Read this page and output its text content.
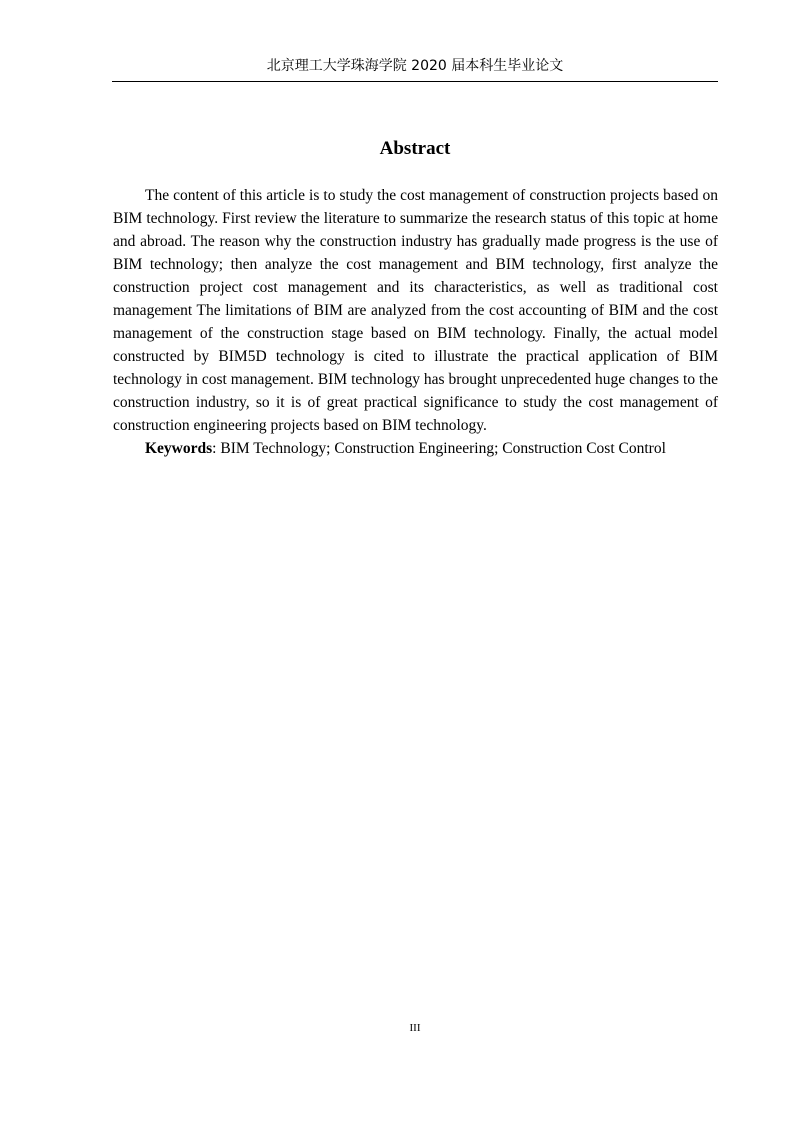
北京理工大学珠海学院 2020 届本科生毕业论文
Abstract

The content of this article is to study the cost management of construction projects based on BIM technology. First review the literature to summarize the research status of this topic at home and abroad. The reason why the construction industry has gradually made progress is the use of BIM technology; then analyze the cost management and BIM technology, first analyze the construction project cost management and its characteristics, as well as traditional cost management The limitations of BIM are analyzed from the cost accounting of BIM and the cost management of the construction stage based on BIM technology. Finally, the actual model constructed by BIM5D technology is cited to illustrate the practical application of BIM technology in cost management. BIM technology has brought unprecedented huge changes to the construction industry, so it is of great practical significance to study the cost management of construction engineering projects based on BIM technology.

Keywords: BIM Technology; Construction Engineering; Construction Cost Control

III
